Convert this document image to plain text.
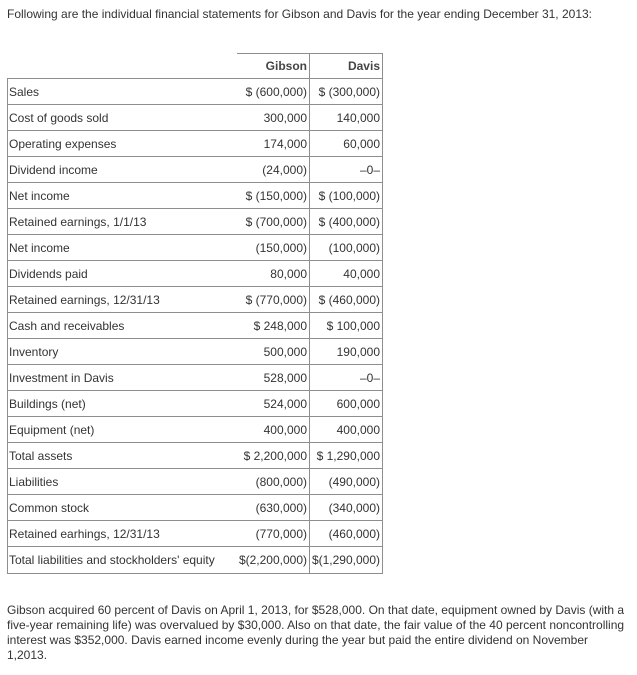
Following are the individual financial statements for Gibson and Davis for the year ending December 31, 2013:

	Gibson	Davis
Sales	$ (600,000)	$ (300,000)
Cost of goods sold	300,000	140,000
Operating expenses	174,000	60,000
Dividend income	(24,000)	–0–
Net income	$ (150,000)	$ (100,000)
Retained earnings, 1/1/13	$ (700,000)	$ (400,000)
Net income	(150,000)	(100,000)
Dividends paid	80,000	40,000
Retained earnings, 12/31/13	$ (770,000)	$ (460,000)
Cash and receivables	$ 248,000	$ 100,000
Inventory	500,000	190,000
Investment in Davis	528,000	–0–
Buildings (net)	524,000	600,000
Equipment (net)	400,000	400,000
Total assets	$ 2,200,000	$ 1,290,000
Liabilities	(800,000)	(490,000)
Common stock	(630,000)	(340,000)
Retained earhings, 12/31/13	(770,000)	(460,000)
Total liabilities and stockholders' equity	$(2,200,000)	$(1,290,000)

Gibson acquired 60 percent of Davis on April 1, 2013, for $528,000. On that date, equipment owned by Davis (with a five-year remaining life) was overvalued by $30,000. Also on that date, the fair value of the 40 percent noncontrolling interest was $352,000. Davis earned income evenly during the year but paid the entire dividend on November 1,2013.
